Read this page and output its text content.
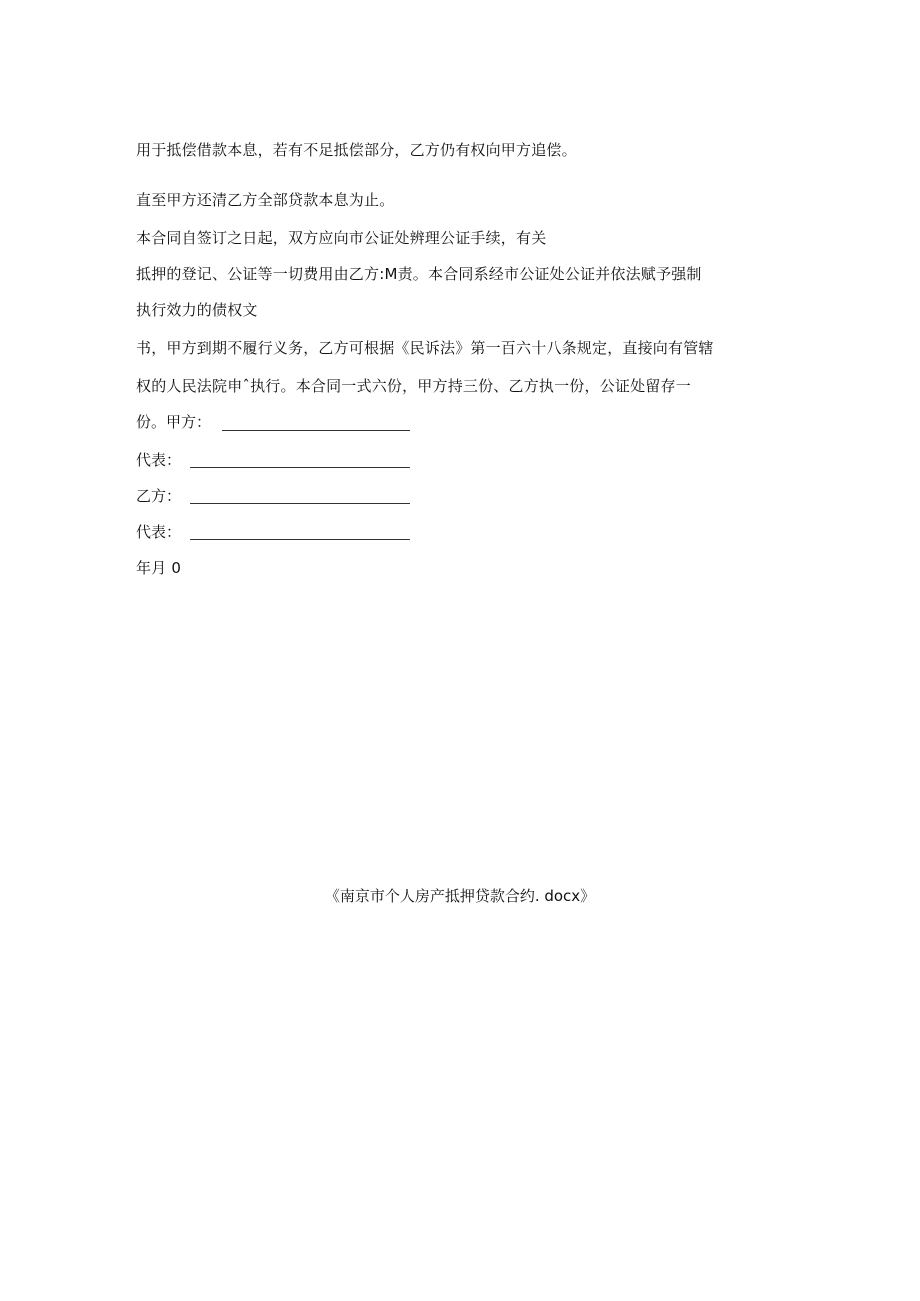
用于抵偿借款本息，若有不足抵偿部分，乙方仍有权向甲方追偿。
直至甲方还清乙方全部贷款本息为止。
本合同自签订之日起，双方应向市公证处辨理公证手续，有关
抵押的登记、公证等一切费用由乙方:M责。本合同系经市公证处公证并依法赋予强制
执行效力的债权文
书，甲方到期不履行义务，乙方可根据《民诉法》第一百六十八条规定，直接向有管辖
权的人民法院申ˆ执行。本合同一式六份，甲方持三份、乙方执一份，公证处留存一
份。甲方：
代表：
乙方：
代表：
年月 0
《南京市个人房产抵押贷款合约. docx》
